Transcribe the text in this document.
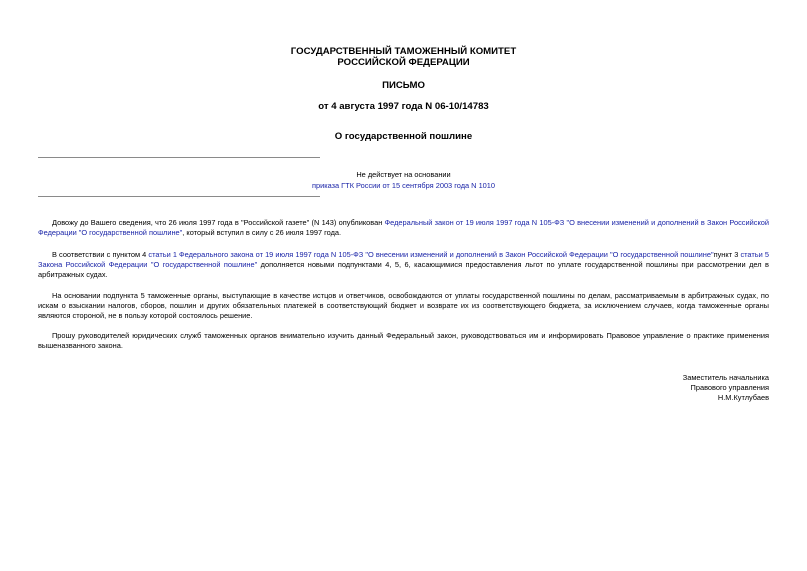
ГОСУДАРСТВЕННЫЙ ТАМОЖЕННЫЙ КОМИТЕТ
РОССИЙСКОЙ ФЕДЕРАЦИИ
ПИСЬМО
от 4 августа 1997 года N 06-10/14783
О государственной пошлине
Не действует на основании
приказа ГТК России от 15 сентября 2003 года N 1010
Довожу до Вашего сведения, что 26 июля 1997 года в "Российской газете" (N 143) опубликован Федеральный закон от 19 июля 1997 года N 105-ФЗ "О внесении изменений и дополнений в Закон Российской Федерации "О государственной пошлине", который вступил в силу с 26 июля 1997 года.
В соответствии с пунктом 4 статьи 1 Федерального закона от 19 июля 1997 года N 105-ФЗ "О внесении изменений и дополнений в Закон Российской Федерации "О государственной пошлине"пункт 3 статьи 5 Закона Российской Федерации "О государственной пошлине" дополняется новыми подпунктами 4, 5, 6, касающимися предоставления льгот по уплате государственной пошлины при рассмотрении дел в арбитражных судах.
На основании подпункта 5 таможенные органы, выступающие в качестве истцов и ответчиков, освобождаются от уплаты государственной пошлины по делам, рассматриваемым в арбитражных судах, по искам о взыскании налогов, сборов, пошлин и других обязательных платежей в соответствующий бюджет и возврате их из соответствующего бюджета, за исключением случаев, когда таможенные органы являются стороной, не в пользу которой состоялось решение.
Прошу руководителей юридических служб таможенных органов внимательно изучить данный Федеральный закон, руководствоваться им и информировать Правовое управление о практике применения вышеназванного закона.
Заместитель начальника
Правового управления
Н.М.Кутлубаев
